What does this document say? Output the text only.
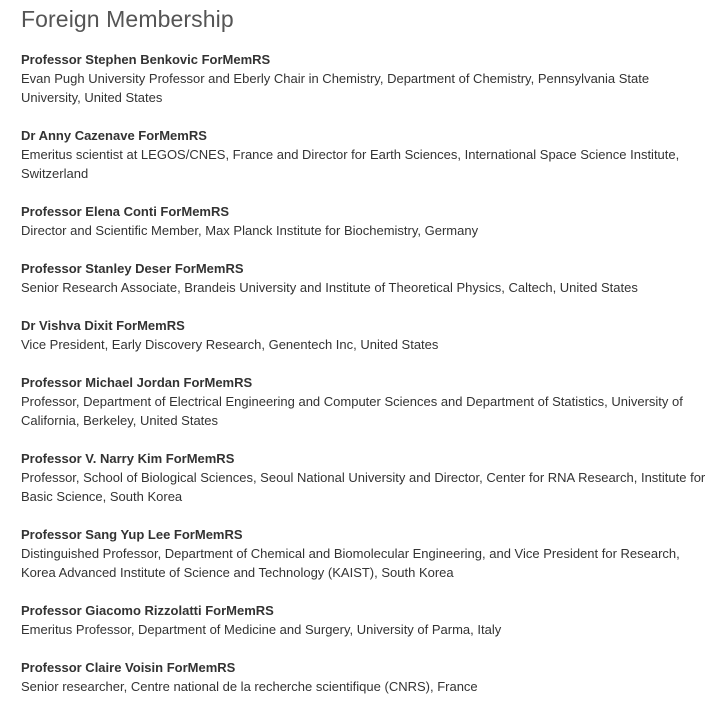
Foreign Membership
Professor Stephen Benkovic ForMemRS
Evan Pugh University Professor and Eberly Chair in Chemistry, Department of Chemistry, Pennsylvania State University, United States
Dr Anny Cazenave ForMemRS
Emeritus scientist at LEGOS/CNES, France and Director for Earth Sciences, International Space Science Institute, Switzerland
Professor Elena Conti ForMemRS
Director and Scientific Member, Max Planck Institute for Biochemistry, Germany
Professor Stanley Deser ForMemRS
Senior Research Associate, Brandeis University and Institute of Theoretical Physics, Caltech, United States
Dr Vishva Dixit ForMemRS
Vice President, Early Discovery Research, Genentech Inc, United States
Professor Michael Jordan ForMemRS
Professor, Department of Electrical Engineering and Computer Sciences and Department of Statistics, University of California, Berkeley, United States
Professor V. Narry Kim ForMemRS
Professor, School of Biological Sciences, Seoul National University and Director, Center for RNA Research, Institute for Basic Science, South Korea
Professor Sang Yup Lee ForMemRS
Distinguished Professor, Department of Chemical and Biomolecular Engineering, and Vice President for Research, Korea Advanced Institute of Science and Technology (KAIST), South Korea
Professor Giacomo Rizzolatti ForMemRS
Emeritus Professor, Department of Medicine and Surgery, University of Parma, Italy
Professor Claire Voisin ForMemRS
Senior researcher, Centre national de la recherche scientifique (CNRS), France
